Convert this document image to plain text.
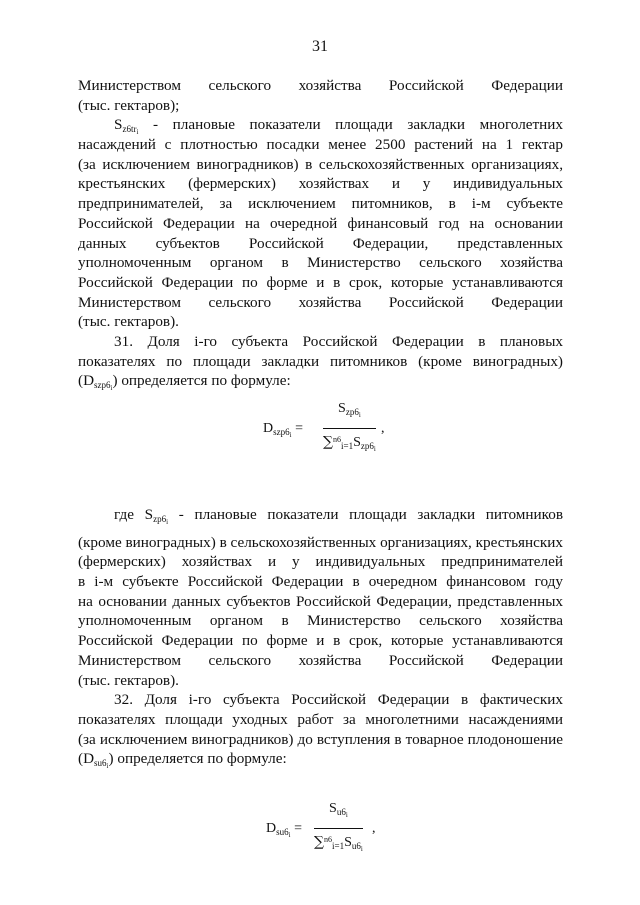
31
Министерством сельского хозяйства Российской Федерации
(тыс. гектаров);
$S_{z6tr_i}$ - плановые показатели площади закладки многолетних
насаждений с плотностью посадки менее 2500 растений на 1 гектар
(за исключением виноградников) в сельскохозяйственных организациях,
крестьянских (фермерских) хозяйствах и у индивидуальных
предпринимателей, за исключением питомников, в i-м субъекте
Российской Федерации на очередной финансовый год на основании
данных субъектов Российской Федерации, представленных
уполномоченным органом в Министерство сельского хозяйства
Российской Федерации по форме и в срок, которые устанавливаются
Министерством сельского хозяйства Российской Федерации
(тыс. гектаров).
31. Доля i-го субъекта Российской Федерации в плановых
показателях по площади закладки питомников (кроме виноградных)
$(D_{szp6_i})$ определяется по формуле:
$D_{szp6_i}$ =
$S_{zp6_i}$
$\sum^{n6}_{i=1}S_{zp6_i}$
,
где $S_{zp6_i}$ - плановые показатели площади закладки питомников
(кроме виноградных) в сельскохозяйственных организациях, крестьянских
(фермерских) хозяйствах и у индивидуальных предпринимателей
в i-м субъекте Российской Федерации в очередном финансовом году
на основании данных субъектов Российской Федерации, представленных
уполномоченным органом в Министерство сельского хозяйства
Российской Федерации по форме и в срок, которые устанавливаются
Министерством сельского хозяйства Российской Федерации
(тыс. гектаров).
32. Доля i-го субъекта Российской Федерации в фактических
показателях площади уходных работ за многолетними насаждениями
(за исключением виноградников) до вступления в товарное плодоношение
$(D_{su6_i})$ определяется по формуле:
$D_{su6_i}$ =
$S_{u6_i}$
$\sum^{n6}_{i=1}S_{u6_i}$
,
